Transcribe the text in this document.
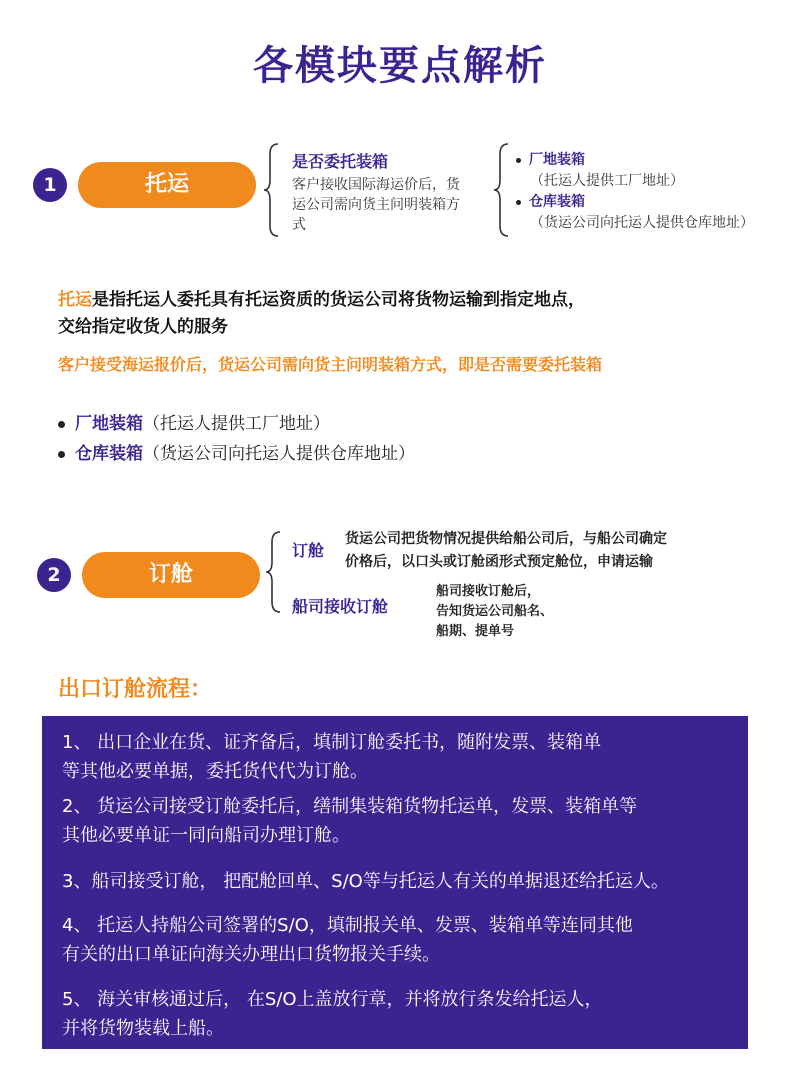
各模块要点解析
1	托运
是否委托装箱
客户接收国际海运价后，货
运公司需向货主问明装箱方
式
厂地装箱
（托运人提供工厂地址）
仓库装箱
（货运公司向托运人提供仓库地址）
托运是指托运人委托具有托运资质的货运公司将货物运输到指定地点，
交给指定收货人的服务
客户接受海运报价后，货运公司需向货主问明装箱方式，即是否需要委托装箱
厂地装箱（托运人提供工厂地址）
仓库装箱（货运公司向托运人提供仓库地址）
2	订舱
订舱
货运公司把货物情况提供给船公司后，与船公司确定
价格后，以口头或订舱函形式预定舱位，申请运输
船司接收订舱
船司接收订舱后，
告知货运公司船名、
船期、提单号
出口订舱流程：
1、 出口企业在货、证齐备后，填制订舱委托书，随附发票、装箱单
等其他必要单据，委托货代代为订舱。
2、 货运公司接受订舱委托后，缮制集装箱货物托运单，发票、装箱单等
其他必要单证一同向船司办理订舱。
3、船司接受订舱， 把配舱回单、S/O等与托运人有关的单据退还给托运人。
4、 托运人持船公司签署的S/O，填制报关单、发票、装箱单等连同其他
有关的出口单证向海关办理出口货物报关手续。
5、 海关审核通过后， 在S/O上盖放行章，并将放行条发给托运人，
并将货物装载上船。
